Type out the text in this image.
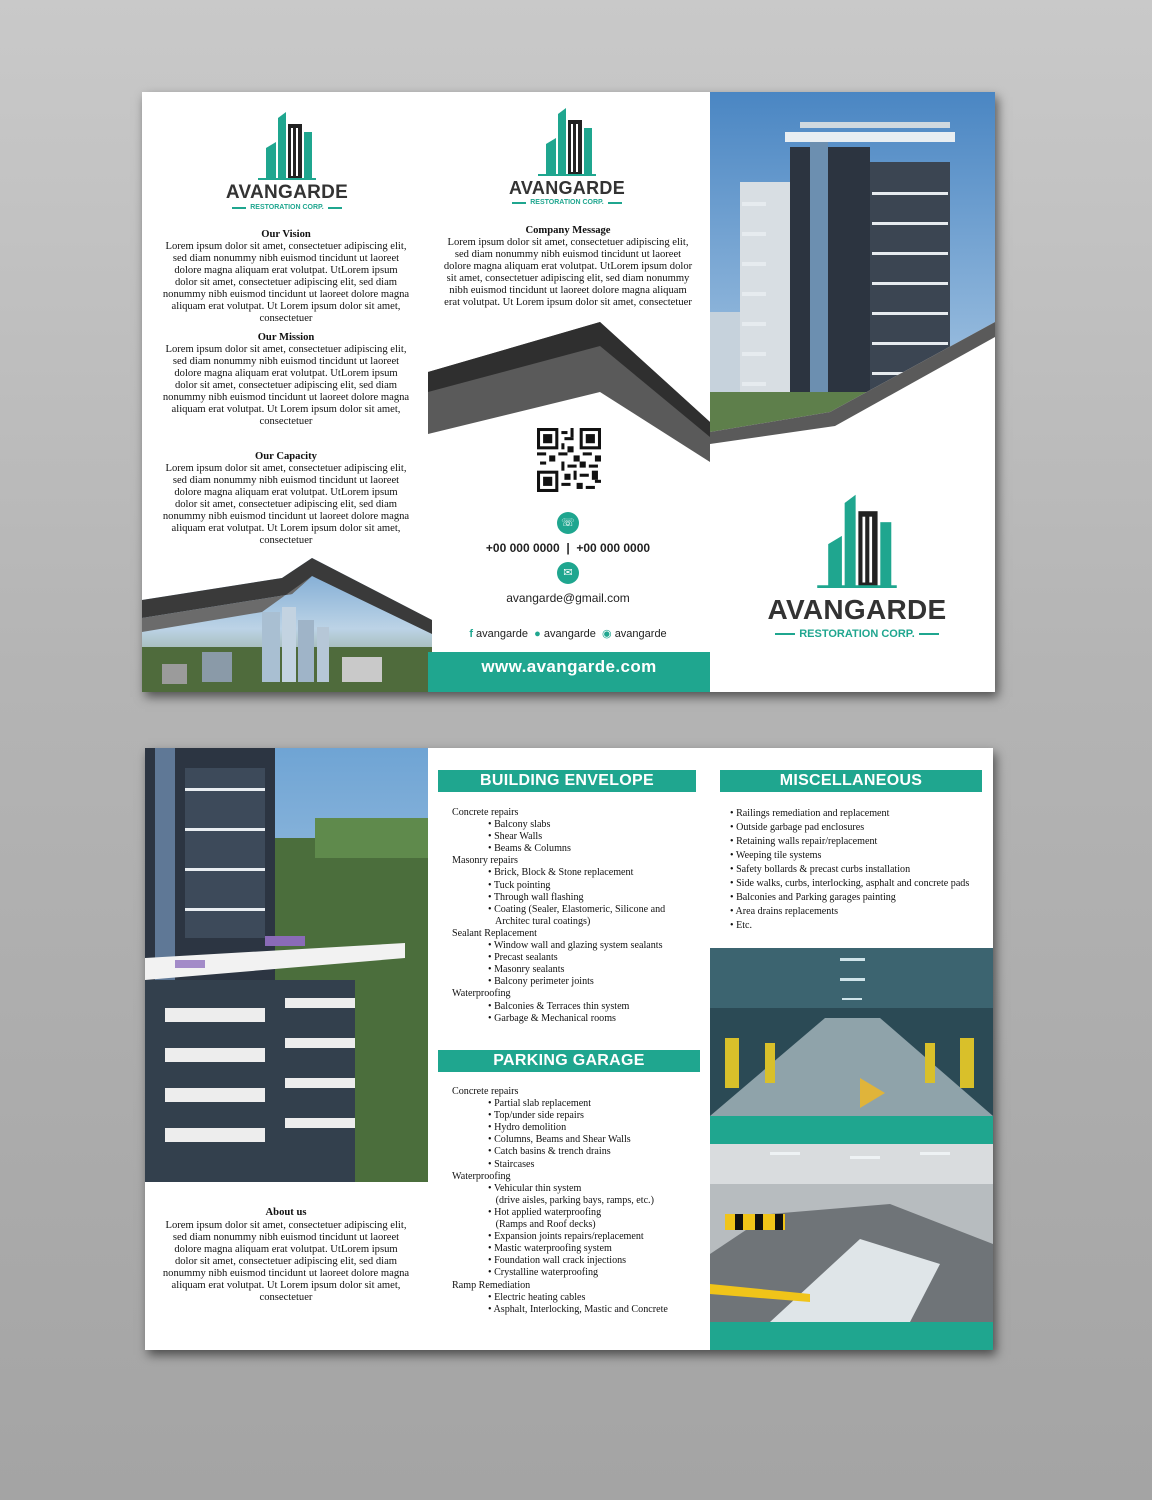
AVANGARDE
RESTORATION CORP.
Our Vision
Lorem ipsum dolor sit amet, consectetuer adipiscing elit, sed diam nonummy nibh euismod tincidunt ut laoreet dolore magna aliquam erat volutpat. UtLorem ipsum dolor sit amet, consectetuer adipiscing elit, sed diam nonummy nibh euismod tincidunt ut laoreet dolore magna aliquam erat volutpat. Ut Lorem ipsum dolor sit amet, consectetuer
Our Mission
Lorem ipsum dolor sit amet, consectetuer adipiscing elit, sed diam nonummy nibh euismod tincidunt ut laoreet dolore magna aliquam erat volutpat. UtLorem ipsum dolor sit amet, consectetuer adipiscing elit, sed diam nonummy nibh euismod tincidunt ut laoreet dolore magna aliquam erat volutpat. Ut Lorem ipsum dolor sit amet, consectetuer
Our Capacity
Lorem ipsum dolor sit amet, consectetuer adipiscing elit, sed diam nonummy nibh euismod tincidunt ut laoreet dolore magna aliquam erat volutpat. UtLorem ipsum dolor sit amet, consectetuer adipiscing elit, sed diam nonummy nibh euismod tincidunt ut laoreet dolore magna aliquam erat volutpat. Ut Lorem ipsum dolor sit amet, consectetuer
AVANGARDE
RESTORATION CORP.
Company Message
Lorem ipsum dolor sit amet, consectetuer adipiscing elit, sed diam nonummy nibh euismod tincidunt ut laoreet dolore magna aliquam erat volutpat. UtLorem ipsum dolor sit amet, consectetuer adipiscing elit, sed diam nonummy nibh euismod tincidunt ut laoreet dolore magna aliquam erat volutpat. Ut Lorem ipsum dolor sit amet, consectetuer
☏
+00 000 0000  |  +00 000 0000
✉
avangarde@gmail.com
f avangarde ● avangarde ◉ avangarde
www.avangarde.com
AVANGARDE
RESTORATION CORP.
About us
Lorem ipsum dolor sit amet, consectetuer adipiscing elit, sed diam nonummy nibh euismod tincidunt ut laoreet dolore magna aliquam erat volutpat. UtLorem ipsum dolor sit amet, consectetuer adipiscing elit, sed diam nonummy nibh euismod tincidunt ut laoreet dolore magna aliquam erat volutpat. Ut Lorem ipsum dolor sit amet, consectetuer
BUILDING ENVELOPE
Concrete repairs
• Balcony slabs
• Shear Walls
• Beams & Columns
Masonry repairs
• Brick, Block & Stone replacement
• Tuck pointing
• Through wall flashing
• Coating (Sealer, Elastomeric, Silicone and
Architec tural coatings)
Sealant Replacement
• Window wall and glazing system sealants
• Precast sealants
• Masonry sealants
• Balcony perimeter joints
Waterproofing
• Balconies & Terraces thin system
• Garbage & Mechanical rooms
PARKING GARAGE STRUCTURES
Concrete repairs
• Partial slab replacement
• Top/under side repairs
• Hydro demolition
• Columns, Beams and Shear Walls
• Catch basins & trench drains
• Staircases
Waterproofing
• Vehicular thin system
(drive aisles, parking bays, ramps, etc.)
• Hot applied waterproofing
(Ramps and Roof decks)
• Expansion joints repairs/replacement
• Mastic waterproofing system
• Foundation wall crack injections
• Crystalline waterproofing
Ramp Remediation
• Electric heating cables
• Asphalt, Interlocking, Mastic and Concrete
MISCELLANEOUS
• Railings remediation and replacement
• Outside garbage pad enclosures
• Retaining walls repair/replacement
• Weeping tile systems
• Safety bollards & precast curbs installation
• Side walks, curbs, interlocking, asphalt and concrete pads
• Balconies and Parking garages painting
• Area drains replacements
• Etc.
